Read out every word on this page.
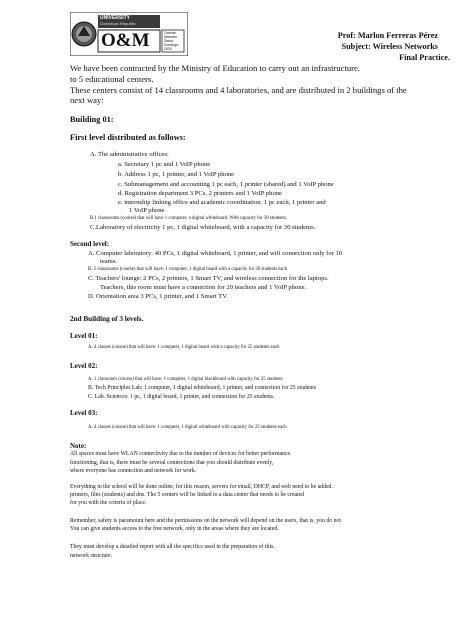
UNIVERSITY
Dominican Republic
O&M	Oriente
Maestro
Santo
Domingo
2020
Prof: Marlon Ferreras Pérez
Subject: Wireless Networks
Final Practice.
We have been contracted by the Ministry of Education to carry out an infrastructure.
to 5 educational centers.
These centers consist of 14 classrooms and 4 laboratories, and are distributed in 2 buildings of the
next way:
Building 01:
First level distributed as follows:
A. The administrative offices:
a. Secretary 1 pc and 1 VoIP phone
b. Address 1 pc, 1 printer, and 1 VoIP phone
c. Submanagement and accounting 1 pc each, 1 printer (shared) and 1 VoIP phone
d. Registration department 3 PCs, 2 printers and 1 VoIP phone
e. internship linking office and academic coordination. 1 pc each, 1 printer and
1 VoIP phone
B.1 classrooms (course) that will have 1 computer, a digital whiteboard. With capacity for 30 students.
C.Laboratory of electricity 1 pc, 1 digital whiteboard, with a capacity for 30 students.
Second level:
A. Computer laboratory: 40 PCs, 1 digital whiteboard, 1 printer, and wifi connection only for 10
teams.
B. 2 classrooms (course) that will have: 1 computer, 1 digital board with a capacity for 30 students each
C. Teachers' lounge: 2 PCs, 2 printers, 1 Smart TV, and wireless connection for the laptops.
Teachers, this room must have a connection for 20 teachers and 1 VoIP phone.
D. Orientation area 3 PCs, 1 printer, and 1 Smart TV.
2nd Building of 3 levels.
Level 01:
A. 4 classes (course) that will have: 1 computer, 1 digital board with a capacity for 25 students each
Level 02:
A. 1 classroom (course) that will have: 1 computer, 1 digital blackboard with capacity for 25 students
B. Tech Principles Lab: 1 computer, 1 digital whiteboard, 1 printer, and connection for 25 students
C. Lab. Sciences: 1 pc, 1 digital board, 1 printer, and connection for 25 students.
Level 03:
A. 4 classes (course) that will have: 1 computer, 1 digital whiteboard with capacity for 25 students each
Note:
All spaces must have WLAN connectivity due to the number of devices for better performance.
functioning, that is, there must be several connections that you should distribute evenly,
where everyone has connection and network for work.
Everything in the school will be done online, for this reason, servers for email, DHCP, and web need to be added.
printers, files (students) and dns. The 5 centers will be linked to a data center that needs to be created
for you with the criteria of place.
Remember, safety is paramount here and the permissions on the network will depend on the users, that is, you do not
You can give students access to the free network, only in the areas where they are located.
They must develop a detailed report with all the specifics used in the preparation of this.
network structure.
